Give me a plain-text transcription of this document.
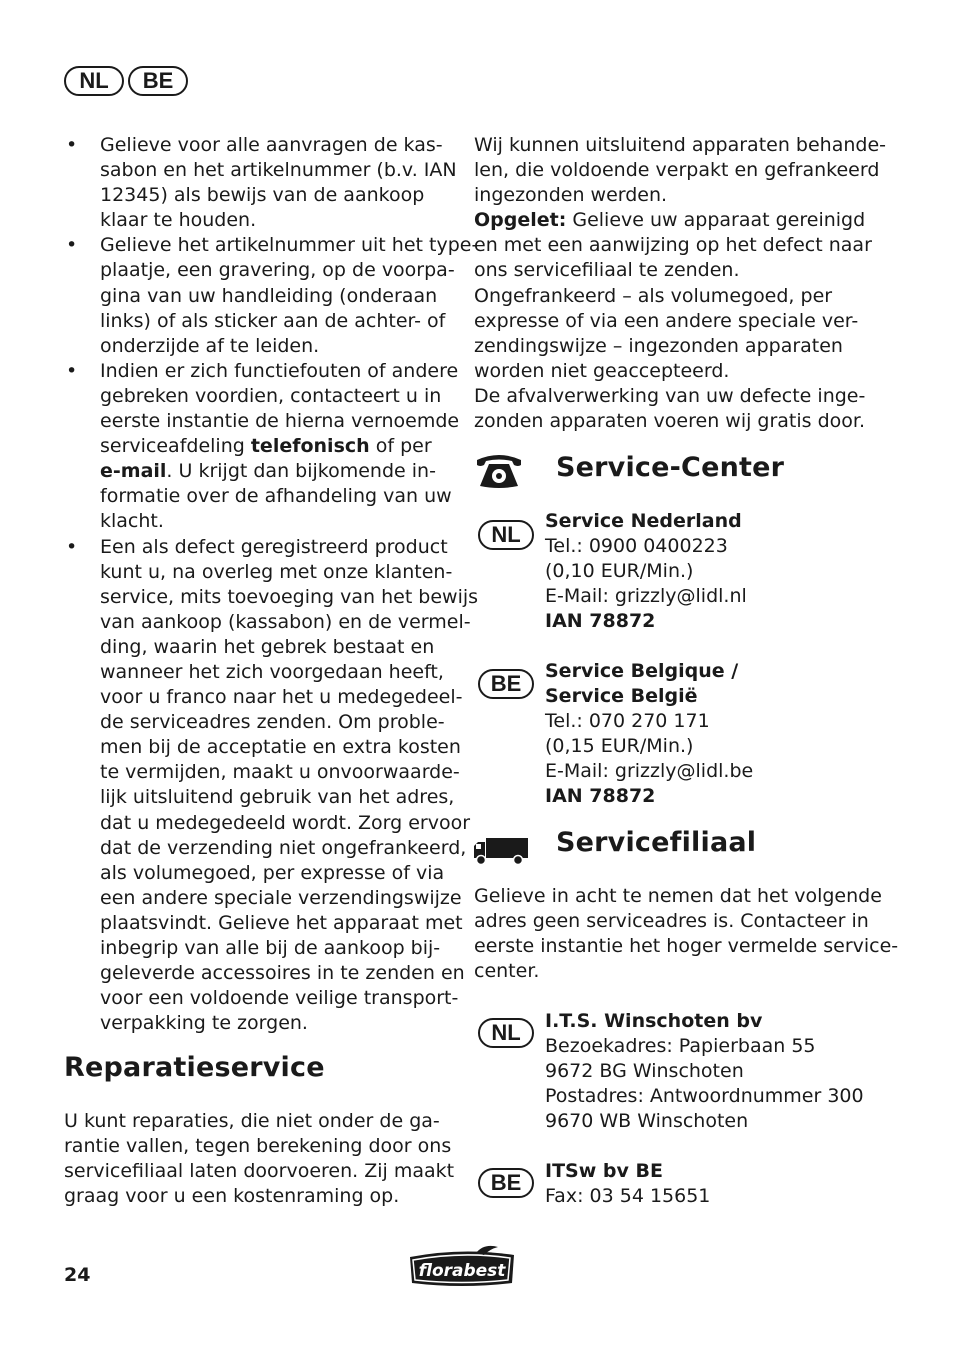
NL BE
• Gelieve voor alle aanvragen de kas-
sabon en het artikelnummer (b.v. IAN
12345) als bewijs van de aankoop
klaar te houden.
• Gelieve het artikelnummer uit het type-
plaatje, een gravering, op de voorpa-
gina van uw handleiding (onderaan
links) of als sticker aan de achter- of
onderzijde af te leiden.
• Indien er zich functiefouten of andere
gebreken voordien, contacteert u in
eerste instantie de hierna vernoemde
serviceafdeling telefonisch of per
e-mail. U krijgt dan bijkomende in-
formatie over de afhandeling van uw
klacht.
• Een als defect geregistreerd product
kunt u, na overleg met onze klanten-
service, mits toevoeging van het bewijs
van aankoop (kassabon) en de vermel-
ding, waarin het gebrek bestaat en
wanneer het zich voorgedaan heeft,
voor u franco naar het u medegedeel-
de serviceadres zenden. Om proble-
men bij de acceptatie en extra kosten
te vermijden, maakt u onvoorwaarde-
lijk uitsluitend gebruik van het adres,
dat u medegedeeld wordt. Zorg ervoor
dat de verzending niet ongefrankeerd,
als volumegoed, per expresse of via
een andere speciale verzendingswijze
plaatsvindt. Gelieve het apparaat met
inbegrip van alle bij de aankoop bij-
geleverde accessoires in te zenden en
voor een voldoende veilige transport-
verpakking te zorgen.
Reparatieservice
U kunt reparaties, die niet onder de ga-
rantie vallen, tegen berekening door ons
servicefiliaal laten doorvoeren. Zij maakt
graag voor u een kostenraming op.
Wij kunnen uitsluitend apparaten behande-
len, die voldoende verpakt en gefrankeerd
ingezonden werden.
Opgelet: Gelieve uw apparaat gereinigd
en met een aanwijzing op het defect naar
ons servicefiliaal te zenden.
Ongefrankeerd – als volumegoed, per
expresse of via een andere speciale ver-
zendingswijze – ingezonden apparaten
worden niet geaccepteerd.
De afvalverwerking van uw defecte inge-
zonden apparaten voeren wij gratis door.
Service-Center
NL
Service Nederland
Tel.: 0900 0400223
(0,10 EUR/Min.)
E-Mail: grizzly@lidl.nl
IAN 78872
BE Service Belgique /
Service België
Tel.: 070 270 171
(0,15 EUR/Min.)
E-Mail: grizzly@lidl.be
IAN 78872
Servicefiliaal
Gelieve in acht te nemen dat het volgende
adres geen serviceadres is. Contacteer in
eerste instantie het hoger vermelde service-
center.
NL I.T.S. Winschoten bv
Bezoekadres: Papierbaan 55
9672 BG Winschoten
Postadres: Antwoordnummer 300
9670 WB Winschoten
BE ITSw bv BE
Fax: 03 54 15651
24	florabest
